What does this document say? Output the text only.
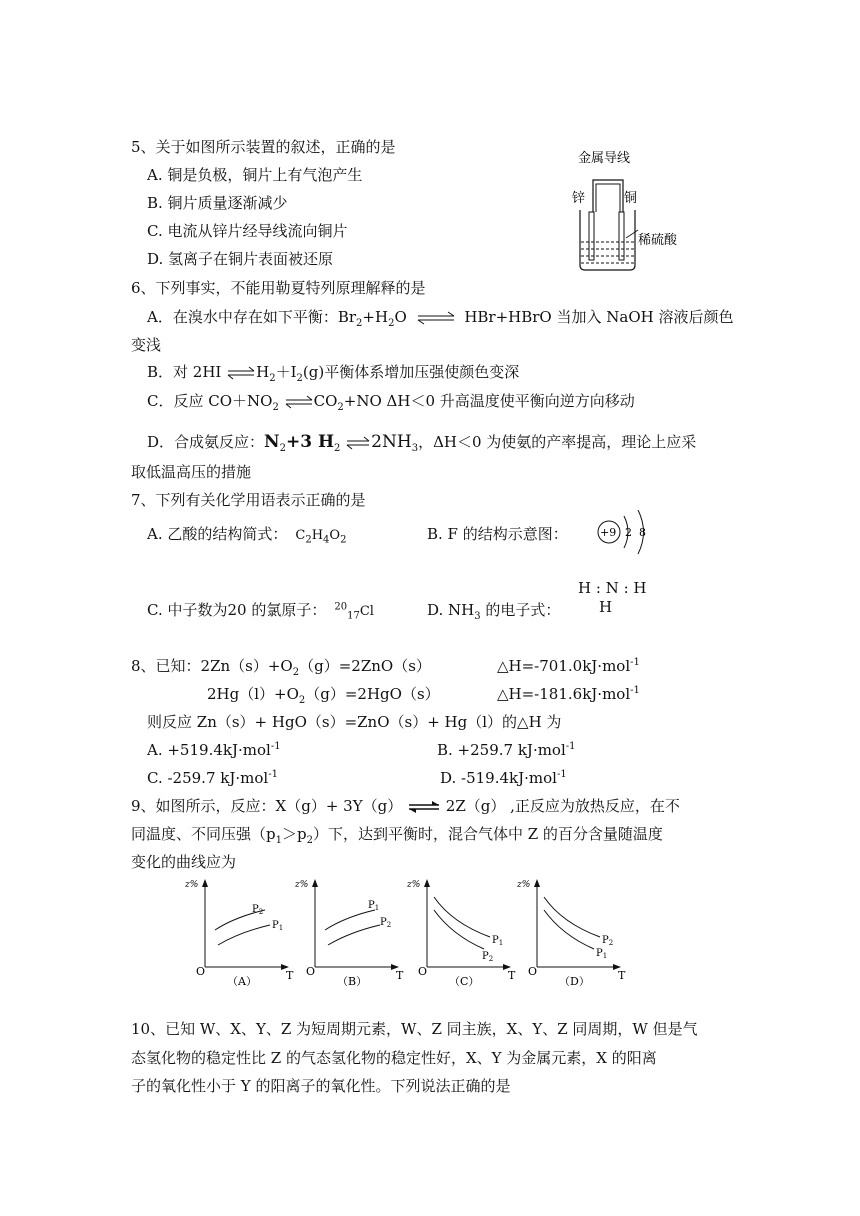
5、关于如图所示装置的叙述，正确的是
A. 铜是负极，铜片上有气泡产生
B. 铜片质量逐渐减少
C. 电流从锌片经导线流向铜片
D. 氢离子在铜片表面被还原
金属导线
锌	铜
稀硫酸
6、下列事实，不能用勒夏特列原理解释的是
A．在溴水中存在如下平衡：$Br_2+H_2O$ ⇌ HBr+HBrO 当加入 NaOH 溶液后颜色
变浅
B．对 2HI $\rightleftharpoons H_2+I_2(g)$平衡体系增加压强使颜色变深
C．反应 $CO+NO_2$ $\rightleftharpoons CO_2+NO$ ΔH＜0 升高温度使平衡向逆方向移动
D．合成氨反应：$N_2+3$ $H_2$ $\rightleftharpoons 2NH_3$，ΔH＜0 为使氨的产率提高，理论上应采
取低温高压的措施
7、下列有关化学用语表示正确的是
A. 乙酸的结构简式： $C_2H_4O_2$	B. F 的结构示意图：	+9 2 8
C. 中子数为20 的氯原子： $^{20}_{17}$Cl	D. $NH_3$ 的电子式：
H : N : H
H
8、已知：$2Zn(s)+O_2(g)=2ZnO(s)$	△H=-701.0kJ·mol$^{-1}$
$2Hg(l)+O_2(g)=2HgO(s)$	△H=-181.6kJ·mol$^{-1}$
则反应 Zn（s）+ HgO（s）=ZnO（s）+ Hg（l）的△H 为
A. +519.4kJ·mol$^{-1}$	B. +259.7 kJ·mol$^{-1}$
C. -259.7 kJ·mol$^{-1}$	D. -519.4kJ·mol$^{-1}$
9、如图所示，反应：X（g）+ 3Y（g） ⇌ 2Z（g） ,正反应为放热反应，在不
同温度、不同压强$(p_1>p_2)$下，达到平衡时，混合气体中 Z 的百分含量随温度
变化的曲线应为
z%
O	T
$P_2$
$P_1$
（A）
z%
O	T
$P_1$
$P_2$
（B）
z%
O	T
$P_1$
$P_2$
（C）
z%
O	T
$P_2$
$P_1$
（D）
10、已知 W、X、Y、Z 为短周期元素，W、Z 同主族，X、Y、Z 同周期，W 但是气
态氢化物的稳定性比 Z 的气态氢化物的稳定性好，X、Y 为金属元素，X 的阳离
子的氧化性小于 Y 的阳离子的氧化性。下列说法正确的是
